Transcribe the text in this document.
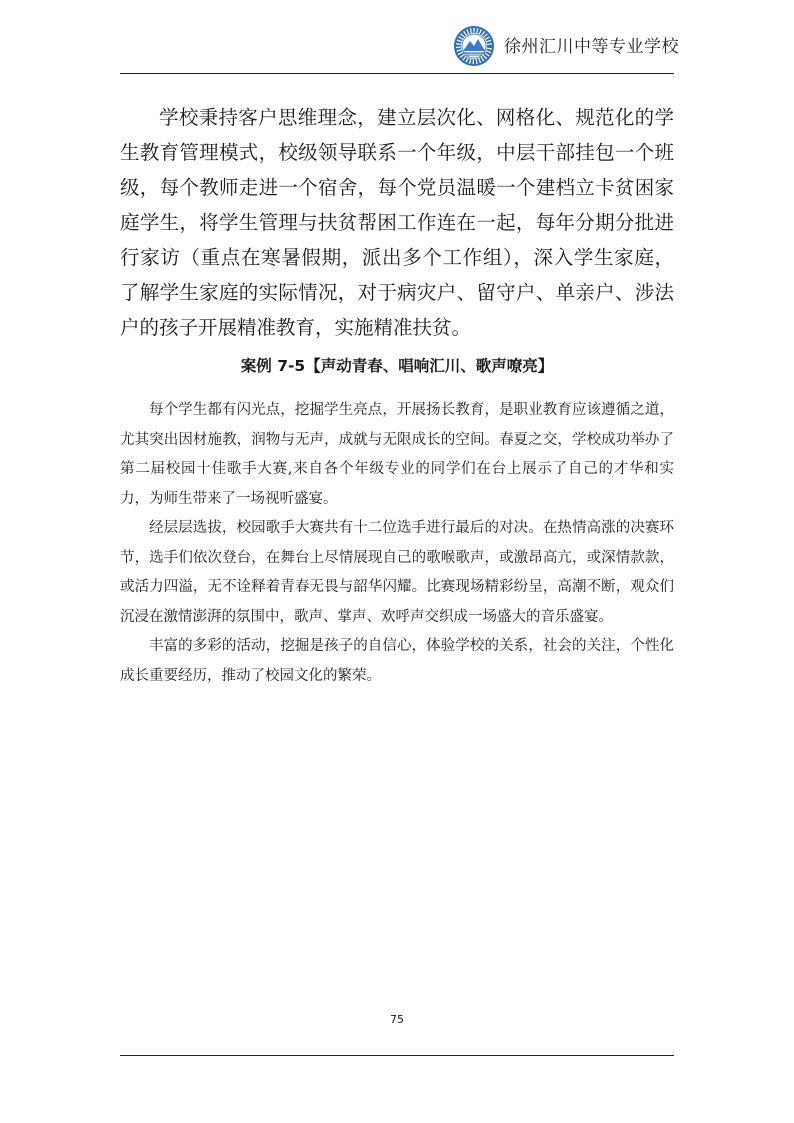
徐州汇川中等专业学校

学校秉持客户思维理念，建立层次化、网格化、规范化的学生教育管理模式，校级领导联系一个年级，中层干部挂包一个班级，每个教师走进一个宿舍，每个党员温暖一个建档立卡贫困家庭学生，将学生管理与扶贫帮困工作连在一起，每年分期分批进行家访（重点在寒暑假期，派出多个工作组），深入学生家庭，了解学生家庭的实际情况，对于病灾户、留守户、单亲户、涉法户的孩子开展精准教育，实施精准扶贫。

案例 7-5【声动青春、唱响汇川、歌声嘹亮】

每个学生都有闪光点，挖掘学生亮点，开展扬长教育，是职业教育应该遵循之道，尤其突出因材施教，润物与无声，成就与无限成长的空间。春夏之交，学校成功举办了第二届校园十佳歌手大赛,来自各个年级专业的同学们在台上展示了自己的才华和实力，为师生带来了一场视听盛宴。

经层层选拔，校园歌手大赛共有十二位选手进行最后的对决。在热情高涨的决赛环节，选手们依次登台，在舞台上尽情展现自己的歌喉歌声，或激昂高亢，或深情款款，或活力四溢，无不诠释着青春无畏与韶华闪耀。比赛现场精彩纷呈，高潮不断，观众们沉浸在激情澎湃的氛围中，歌声、掌声、欢呼声交织成一场盛大的音乐盛宴。

丰富的多彩的活动，挖掘是孩子的自信心，体验学校的关系，社会的关注，个性化成长重要经历，推动了校园文化的繁荣。

75
